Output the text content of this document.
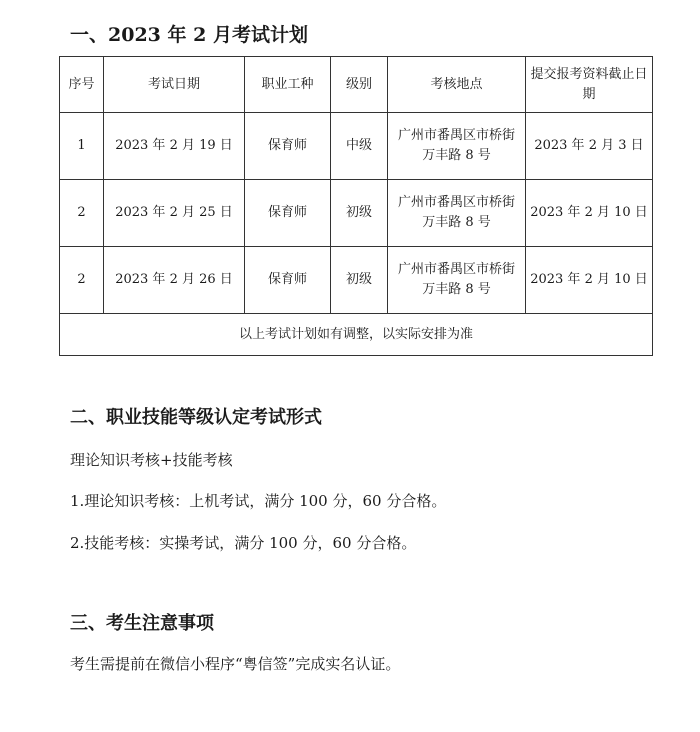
一、2023 年 2 月考试计划
序号	考试日期	职业工种	级别	考核地点	提交报考资料截止日期
1	2023 年 2 月 19 日	保育师	中级	广州市番禺区市桥街万丰路 8 号	2023 年 2 月 3 日
2	2023 年 2 月 25 日	保育师	初级	广州市番禺区市桥街万丰路 8 号	2023 年 2 月 10 日
2	2023 年 2 月 26 日	保育师	初级	广州市番禺区市桥街万丰路 8 号	2023 年 2 月 10 日
以上考试计划如有调整，以实际安排为准					
二、职业技能等级认定考试形式

理论知识考核+技能考核

1.理论知识考核：上机考试，满分 100 分，60 分合格。

2.技能考核：实操考试，满分 100 分，60 分合格。

三、考生注意事项

考生需提前在微信小程序“粤信签”完成实名认证。
